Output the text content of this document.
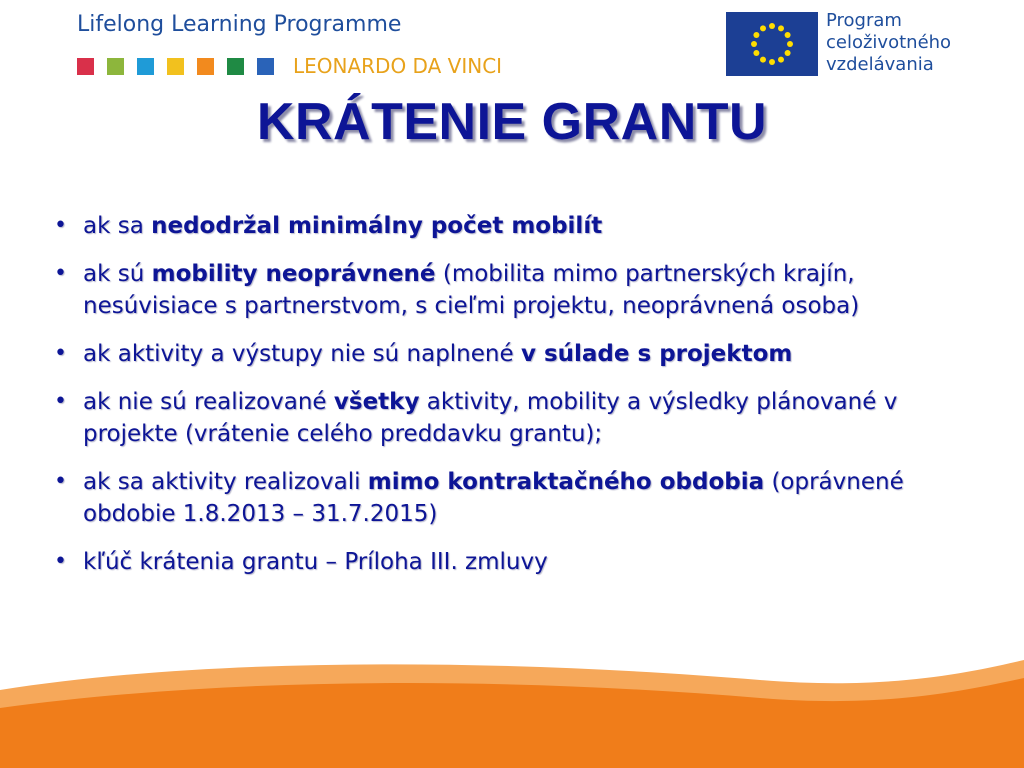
Lifelong Learning Programme
LEONARDO DA VINCI
Program
celoživotného
vzdelávania
KRÁTENIE GRANTU
• ak sa nedodržal minimálny počet mobilít
• ak sú mobility neoprávnené (mobilita mimo partnerských krajín, nesúvisiace s partnerstvom, s cieľmi projektu, neoprávnená osoba)
• ak aktivity a výstupy nie sú naplnené v súlade s projektom
• ak nie sú realizované všetky aktivity, mobility a výsledky plánované v projekte (vrátenie celého preddavku grantu);
• ak sa aktivity realizovali mimo kontraktačného obdobia (oprávnené obdobie 1.8.2013 – 31.7.2015)
• kľúč krátenia grantu – Príloha III. zmluvy
